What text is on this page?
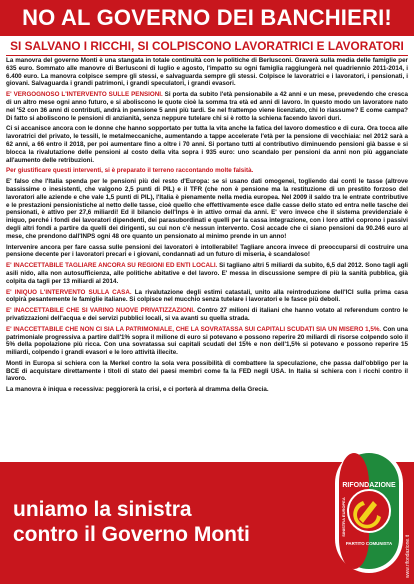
NO AL GOVERNO DEI BANCHIERI!
SI SALVANO I RICCHI, SI COLPISCONO LAVORATRICI E LAVORATORI

La manovra del governo Monti è una stangata in totale continuità con le politiche di Berlusconi. Graverà sulla media delle famiglie per 635 euro. Sommato alle manovre di Berlusconi di luglio e agosto, l'impatto su ogni famiglia raggiungerà nel quadriennio 2011-2014, i 6.400 euro. La manovra colpisce sempre gli stessi, e salvaguarda sempre gli stessi. Colpisce le lavoratrici e i lavoratori, i pensionati, i giovani. Salvaguarda i grandi patrimoni, i grandi speculatori, i grandi evasori.

E' VERGOGNOSO L'INTERVENTO SULLE PENSIONI. Si porta da subito l'età pensionabile a 42 anni e un mese, prevedendo che cresca di un altro mese ogni anno futuro, e si aboliscono le quote cioè la somma tra età ed anni di lavoro. In questo modo un lavoratore nato nel '52 con 36 anni di contributi, andrà in pensione 5 anni più tardi. Se nel frattempo viene licenziato, chi lo riassume? E come campa? Di fatto si aboliscono le pensioni di anzianità, senza neppure tutelare chi si è rotto la schiena facendo lavori duri.

Ci si accanisce ancora con le donne che hanno sopportato per tutta la vita anche la fatica del lavoro domestico e di cura. Ora tocca alle lavoratrici del privato, le tessili, le metalmeccaniche, aumentando a tappe accelerate l'età per la pensione di vecchiaia: nel 2012 sarà a 62 anni, a 66 entro il 2018, per poi aumentare fino a oltre i 70 anni. Si portano tutti al contributivo diminuendo pensioni già basse e si blocca la rivalutazione delle pensioni al costo della vita sopra i 935 euro: uno scandalo per pensioni da anni non più agganciate all'aumento delle retribuzioni.

Per giustificare questi interventi, si è preparato il terreno raccontando molte falsità.

E' falso che l'Italia spenda per le pensioni più dei resto d'Europa: se si usano dati omogenei, togliendo dai conti le tasse (altrove bassissime o inesistenti, che valgono 2,5 punti di PIL) e il TFR (che non è pensione ma la restituzione di un prestito forzoso del lavoratori alle aziende e che vale 1,5 punti di PIL), l'Italia è pienamente nella media europea. Nel 2009 il saldo tra le entrate contributive e le prestazioni pensionistiche al netto delle tasse, cioè quello che effettivamente esce dalle casse dello stato ed entra nelle tasche dei pensionati, è attivo per 27,6 miliardi! Ed il bilancio dell'Inps è in attivo ormai da anni. E' vero invece che il sistema previdenziale è iniquo, perché i fondi dei lavoratori dipendenti, dei parasubordinati e quelli per la cassa integrazione, con i loro attivi coprono i passivi degli altri fondi a partire da quelli dei dirigenti, su cui non c'è nessun intervento. Così accade che ci siano pensioni da 90.246 euro al mese, che prendono dall'INPS ogni 48 ore quanto un pensionato al minimo prende in un anno!

Intervenire ancora per fare cassa sulle pensioni dei lavoratori è intollerabile! Tagliare ancora invece di preoccuparsi di costruire una pensione decente per i lavoratori precari e i giovani, condannati ad un futuro di miseria, è scandaloso!

E' INACCETTABILE TAGLIARE ANCORA SU REGIONI ED ENTI LOCALI. Si tagliano altri 5 miliardi da subito, 6,5 dal 2012. Sono tagli agli asili nido, alla non autosufficienza, alle politiche abitative e del lavoro. E' messa in discussione sempre di più la sanità pubblica, già colpita da tagli per 13 miliardi al 2014.

E' INIQUO L'INTERVENTO SULLA CASA. La rivalutazione degli estimi catastali, unito alla reintroduzione dell'ICI sulla prima casa colpirà pesantemente le famiglie italiane. Si colpisce nel mucchio senza tutelare i lavoratori e le fasce più deboli.

E' INACCETTABILE CHE SI VARINO NUOVE PRIVATIZZAZIONI. Contro 27 milioni di italiani che hanno votato al referendum contro le privatizzazioni dell'acqua e dei servizi pubblici locali, si va avanti su quella strada.

E' INACCETTABILE CHE NON CI SIA LA PATRIMONIALE, CHE LA SOVRATASSA SUI CAPITALI SCUDATI SIA UN MISERO 1,5%. Con una patrimoniale progressiva a partire dall'1% sopra il milione di euro si potevano e possono reperire 20 miliardi di risorse colpendo solo il 5% della popolazione più ricca. Con una sovratassa sui capitali scudati del 15% e non dell'1,5% si potevano e possono reperire 15 miliardi, colpendo i grandi evasori e le loro attività illecite.

Monti in Europa si schiera con la Merkel contro la sola vera possibilità di combattere la speculazione, che passa dall'obbligo per la BCE di acquistare direttamente i titoli di stato dei paesi membri come fa la FED negli USA. In Italia si schiera con i ricchi contro il lavoro.

La manovra è iniqua e recessiva: peggiorerà la crisi, e ci porterà al dramma della Grecia.

uniamo la sinistra
contro il Governo Monti
www.rifondazione.it
RIFONDAZIONE
PARTITO COMUNISTA
SINISTRA EUROPEA
